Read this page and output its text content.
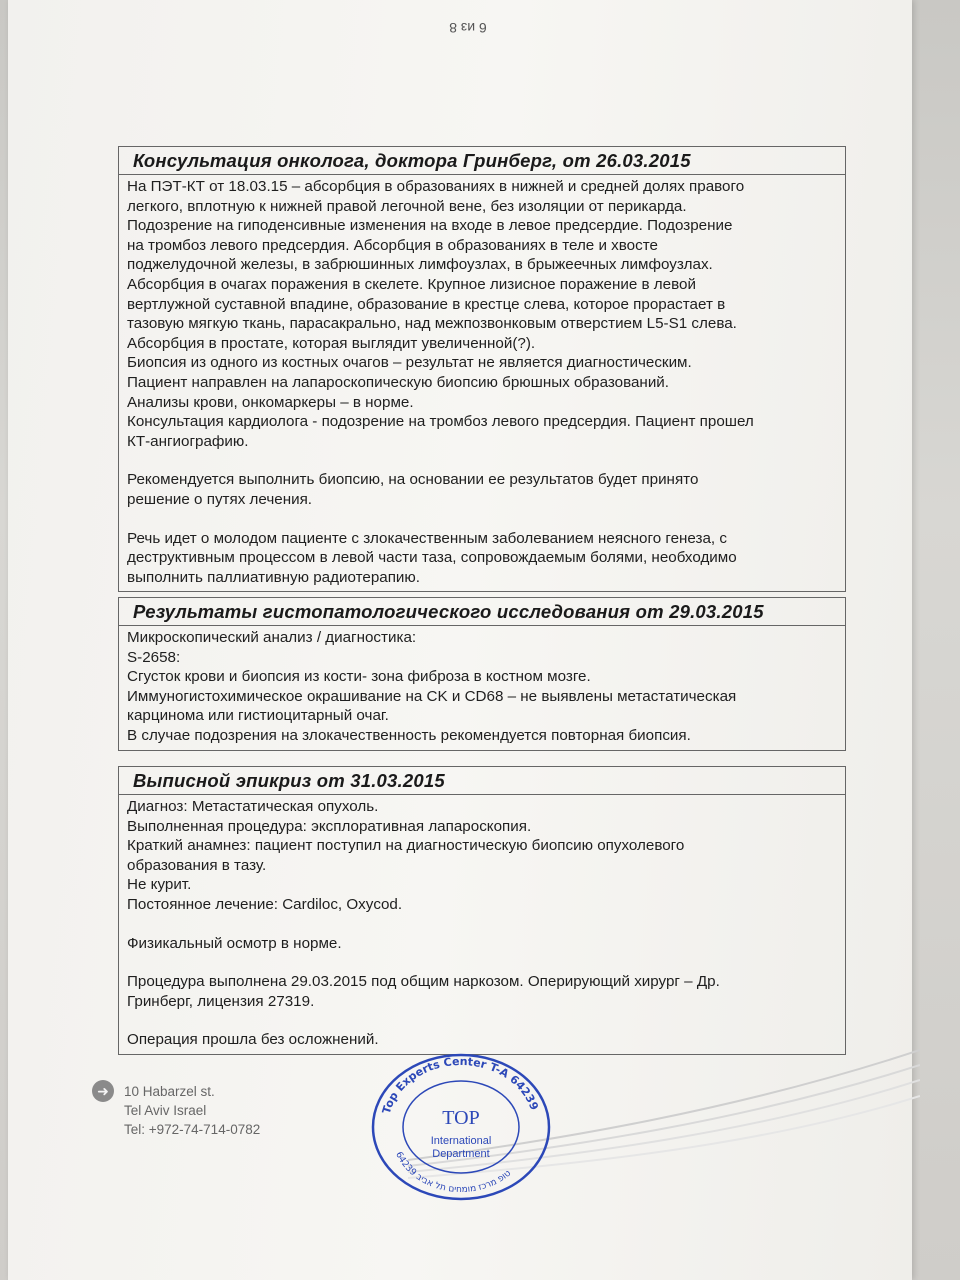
6 из 8
Консультация онколога, доктора Гринберг, от 26.03.2015
На ПЭТ-КТ от 18.03.15 – абсорбция в образованиях в нижней и средней долях правого
легкого, вплотную к нижней правой легочной вене, без изоляции от перикарда.
Подозрение на гиподенсивные изменения на входе в левое предсердие. Подозрение
на тромбоз левого предсердия. Абсорбция в образованиях в теле и хвосте
поджелудочной железы, в забрюшинных лимфоузлах, в брыжеечных лимфоузлах.
Абсорбция в очагах поражения в скелете. Крупное лизисное поражение в левой
вертлужной суставной впадине, образование в крестце слева, которое прорастает в
тазовую мягкую ткань, парасакрально, над межпозвонковым отверстием L5-S1 слева.
Абсорбция в простате, которая выглядит увеличенной(?).
Биопсия из одного из костных очагов – результат не является диагностическим.
Пациент направлен на лапароскопическую биопсию брюшных образований.
Анализы крови, онкомаркеры – в норме.
Консультация кардиолога - подозрение на тромбоз левого предсердия. Пациент прошел
КТ-ангиографию.
Рекомендуется выполнить биопсию, на основании ее результатов будет принято
решение о путях лечения.
Речь идет о молодом пациенте с злокачественным заболеванием неясного генеза, с
деструктивным процессом в левой части таза, сопровождаемым болями, необходимо
выполнить паллиативную радиотерапию.
Результаты гистопатологического исследования от 29.03.2015
Микроскопический анализ / диагностика:
S-2658:
Сгусток крови и биопсия из кости- зона фиброза в костном мозге.
Иммуногистохимическое окрашивание на CK и CD68 – не выявлены метастатическая
карцинома или гистиоцитарный очаг.
В случае подозрения на злокачественность рекомендуется повторная биопсия.
Выписной эпикриз от 31.03.2015
Диагноз: Метастатическая опухоль.
Выполненная процедура: эксплоративная лапароскопия.
Краткий анамнез: пациент поступил на диагностическую биопсию опухолевого
образования в тазу.
Не курит.
Постоянное лечение: Cardiloc, Oxycod.
Физикальный осмотр в норме.
Процедура выполнена 29.03.2015 под общим наркозом. Оперирующий хирург – Др.
Гринберг, лицензия 27319.
Операция прошла без осложнений.
➜	10 Habarzel st.
Tel Aviv Israel
Tel: +972-74-714-0782
Top Experts Center T-A 64239
טופ מרכז מומחים תל אביב 64239
TOP
International
Department
